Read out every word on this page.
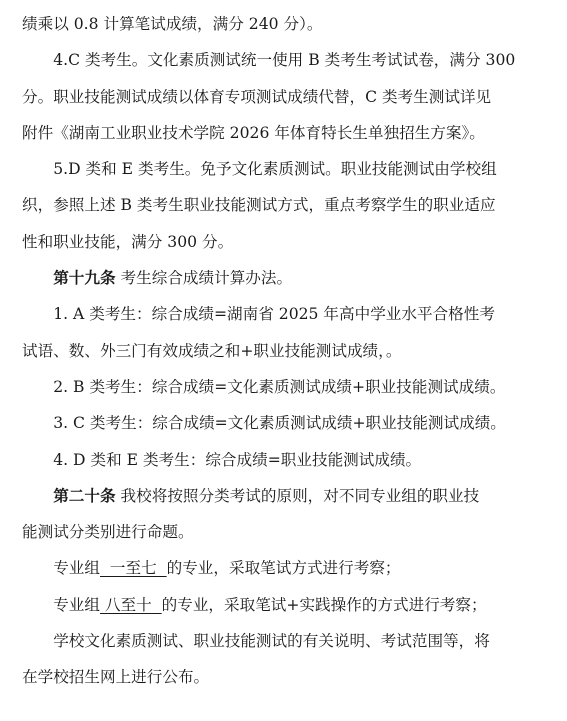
绩乘以 0.8 计算笔试成绩，满分 240 分）。

4.C 类考生。文化素质测试统一使用 B 类考生考试试卷，满分 300
分。职业技能测试成绩以体育专项测试成绩代替，C 类考生测试详见
附件《湖南工业职业技术学院 2026 年体育特长生单独招生方案》。

5.D 类和 E 类考生。免予文化素质测试。职业技能测试由学校组
织，参照上述 B 类考生职业技能测试方式，重点考察学生的职业适应
性和职业技能，满分 300 分。

第十九条 考生综合成绩计算办法。

1. A 类考生：综合成绩=湖南省 2025 年高中学业水平合格性考
试语、数、外三门有效成绩之和+职业技能测试成绩，。

2. B 类考生：综合成绩=文化素质测试成绩+职业技能测试成绩。

3. C 类考生：综合成绩=文化素质测试成绩+职业技能测试成绩。

4. D 类和 E 类考生：综合成绩=职业技能测试成绩。

第二十条 我校将按照分类考试的原则，对不同专业组的职业技
能测试分类别进行命题。

专业组  一至七  的专业，采取笔试方式进行考察；

专业组 八至十  的专业，采取笔试+实践操作的方式进行考察；

学校文化素质测试、职业技能测试的有关说明、考试范围等，将
在学校招生网上进行公布。
